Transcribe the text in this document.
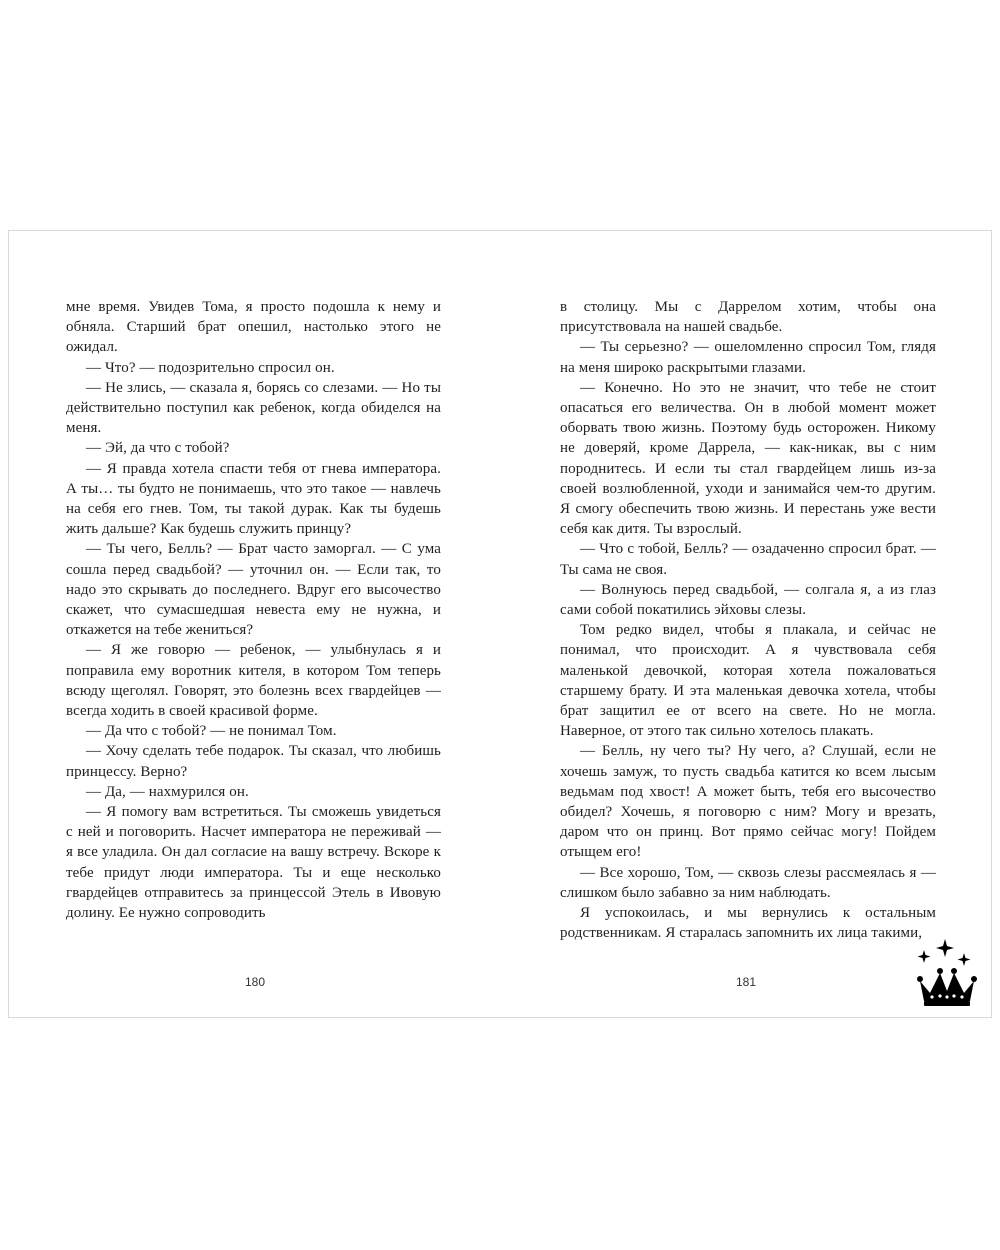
мне время. Увидев Тома, я просто подошла к нему и обняла. Старший брат опешил, настолько этого не ожидал.

— Что? — подозрительно спросил он.

— Не злись, — сказала я, борясь со слезами. — Но ты действительно поступил как ребенок, когда обиделся на меня.

— Эй, да что с тобой?

— Я правда хотела спасти тебя от гнева императора. А ты… ты будто не понимаешь, что это такое — навлечь на себя его гнев. Том, ты такой дурак. Как ты будешь жить дальше? Как будешь служить принцу?

— Ты чего, Белль? — Брат часто заморгал. — С ума сошла перед свадьбой? — уточнил он. — Если так, то надо это скрывать до последнего. Вдруг его высочество скажет, что сумасшедшая невеста ему не нужна, и откажется на тебе жениться?

— Я же говорю — ребенок, — улыбнулась я и поправила ему воротник кителя, в котором Том теперь всюду щеголял. Говорят, это болезнь всех гвардейцев — всегда ходить в своей красивой форме.

— Да что с тобой? — не понимал Том.

— Хочу сделать тебе подарок. Ты сказал, что любишь принцессу. Верно?

— Да, — нахмурился он.

— Я помогу вам встретиться. Ты сможешь увидеться с ней и поговорить. Насчет императора не переживай — я все уладила. Он дал согласие на вашу встречу. Вскоре к тебе придут люди императора. Ты и еще несколько гвардейцев отправитесь за принцессой Этель в Ивовую долину. Ее нужно сопроводить

180

в столицу. Мы с Даррелом хотим, чтобы она присутствовала на нашей свадьбе.

— Ты серьезно? — ошеломленно спросил Том, глядя на меня широко раскрытыми глазами.

— Конечно. Но это не значит, что тебе не стоит опасаться его величества. Он в любой момент может оборвать твою жизнь. Поэтому будь осторожен. Никому не доверяй, кроме Даррела, — как-никак, вы с ним породнитесь. И если ты стал гвардейцем лишь из-за своей возлюбленной, уходи и занимайся чем-то другим. Я смогу обеспечить твою жизнь. И перестань уже вести себя как дитя. Ты взрослый.

— Что с тобой, Белль? — озадаченно спросил брат. — Ты сама не своя.

— Волнуюсь перед свадьбой, — солгала я, а из глаз сами собой покатились эйховы слезы.

Том редко видел, чтобы я плакала, и сейчас не понимал, что происходит. А я чувствовала себя маленькой девочкой, которая хотела пожаловаться старшему брату. И эта маленькая девочка хотела, чтобы брат защитил ее от всего на свете. Но не могла. Наверное, от этого так сильно хотелось плакать.

— Белль, ну чего ты? Ну чего, а? Слушай, если не хочешь замуж, то пусть свадьба катится ко всем лысым ведьмам под хвост! А может быть, тебя его высочество обидел? Хочешь, я поговорю с ним? Могу и врезать, даром что он принц. Вот прямо сейчас могу! Пойдем отыщем его!

— Все хорошо, Том, — сквозь слезы рассмеялась я — слишком было забавно за ним наблюдать.

Я успокоилась, и мы вернулись к остальным родственникам. Я старалась запомнить их лица такими,

181
